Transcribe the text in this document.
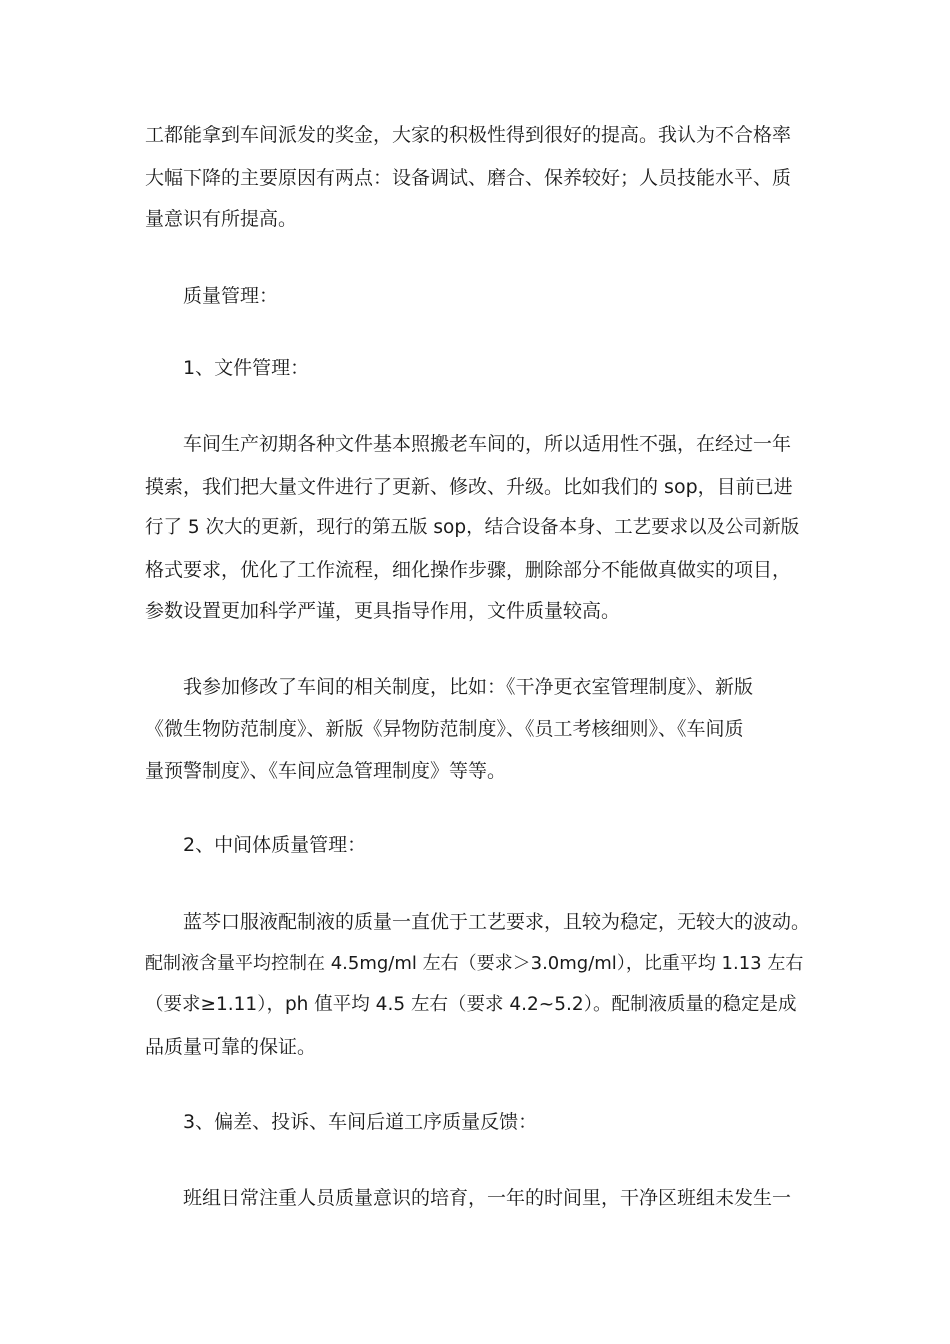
工都能拿到车间派发的奖金，大家的积极性得到很好的提高。我认为不合格率
大幅下降的主要原因有两点：设备调试、磨合、保养较好；人员技能水平、质
量意识有所提高。
质量管理：
1、文件管理：
车间生产初期各种文件基本照搬老车间的，所以适用性不强，在经过一年
摸索，我们把大量文件进行了更新、修改、升级。比如我们的 sop，目前已进
行了 5 次大的更新，现行的第五版 sop，结合设备本身、工艺要求以及公司新版
格式要求，优化了工作流程，细化操作步骤，删除部分不能做真做实的项目，
参数设置更加科学严谨，更具指导作用，文件质量较高。
我参加修改了车间的相关制度，比如：《干净更衣室管理制度》、新版
《微生物防范制度》、新版《异物防范制度》、《员工考核细则》、《车间质
量预警制度》、《车间应急管理制度》等等。
2、中间体质量管理：
蓝芩口服液配制液的质量一直优于工艺要求，且较为稳定，无较大的波动。
配制液含量平均控制在 4.5mg/ml 左右（要求＞3.0mg/ml），比重平均 1.13 左右
（要求≥1.11），ph 值平均 4.5 左右（要求 4.2~5.2）。配制液质量的稳定是成
品质量可靠的保证。
3、偏差、投诉、车间后道工序质量反馈：
班组日常注重人员质量意识的培育，一年的时间里，干净区班组未发生一
